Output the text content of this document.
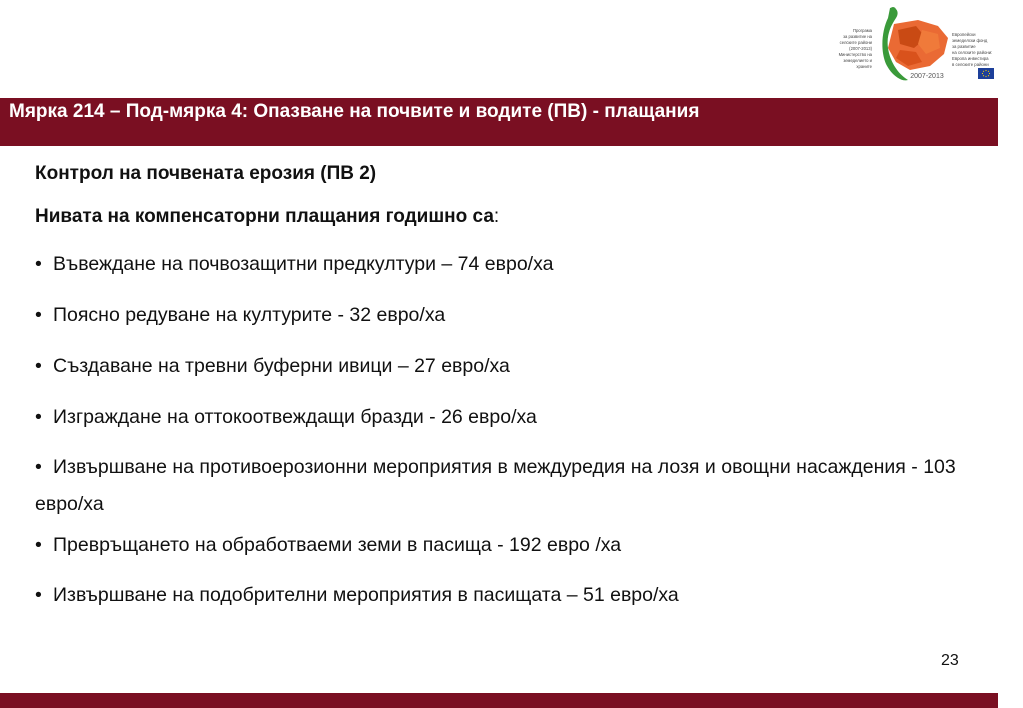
Програма
за развитие на
селските райони
(2007-2013)
Министерство на
земеделието и
храните
2007-2013
Европейски
земеделски фонд
за развитие
на селските райони:
Европа инвестира
в селските райони
Мярка 214 – Под-мярка 4: Опазване на почвите и водите (ПВ) - плащания
Контрол на почвената ерозия (ПВ 2)
Нивата на компенсаторни плащания годишно са:
• Въвеждане на почвозащитни предкултури – 74 евро/ха
• Поясно редуване на културите - 32 евро/ха
• Създаване на тревни буферни ивици – 27 евро/ха
• Изграждане на оттокоотвеждащи бразди - 26 евро/ха
• Извършване на противоерозионни мероприятия в междуредия на лозя и овощни насаждения - 103 евро/ха
• Превръщането на обработваеми земи в пасища - 192 евро /ха
• Извършване на подобрителни мероприятия в пасищата – 51 евро/ха
23
